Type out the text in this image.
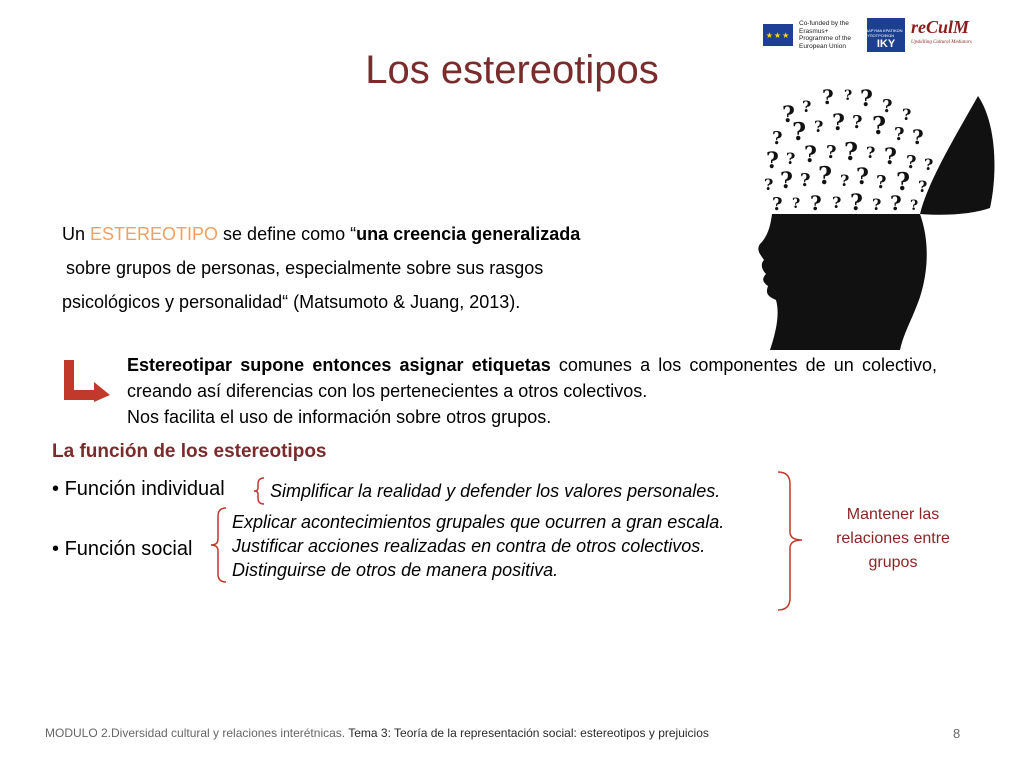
★★★
Co-funded by the Erasmus+ Programme of the European Union
ΙΔΡΥΜΑ ΚΡΑΤΙΚΩΝ ΥΠΟΤΡΟΦΙΩΝ
IKY
reCulM
Upskilling Cultural Mediators
Los estereotipos
? ? ? ? ? ? ?
? ? ? ? ? ? ? ?
? ? ? ? ? ? ? ? ?
? ? ? ? ? ? ? ? ?
? ? ? ? ? ? ? ?
Un ESTEREOTIPO se define como “una creencia generalizada
sobre grupos de personas, especialmente sobre sus rasgos
psicológicos y personalidad“ (Matsumoto & Juang, 2013).
Estereotipar supone entonces asignar etiquetas comunes a los componentes de un colectivo, creando así diferencias con los pertenecientes a otros colectivos.
Nos facilita el uso de información sobre otros grupos.
La función de los estereotipos
• Función individual	Simplificar la realidad y defender los valores personales.
• Función social
Explicar acontecimientos grupales que ocurren a gran escala.
Justificar acciones realizadas en contra de otros colectivos.
Distinguirse de otros de manera positiva.
Mantener las relaciones entre grupos
MODULO 2.Diversidad cultural y relaciones interétnicas. Tema 3: Teoría de la representación social: estereotipos y prejuicios	8
